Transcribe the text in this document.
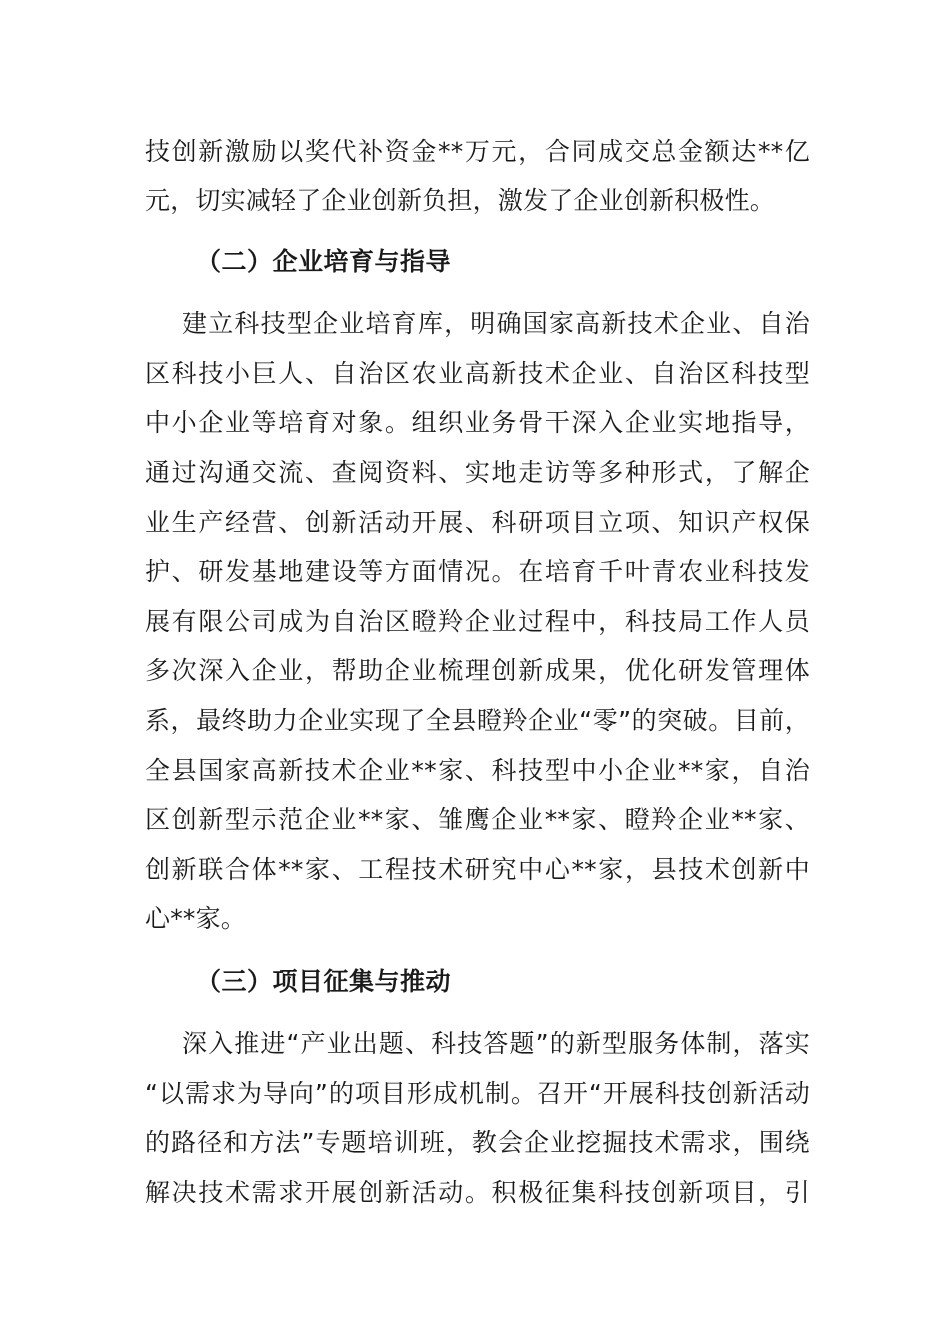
技创新激励以奖代补资金**万元，合同成交总金额达**亿
元，切实减轻了企业创新负担，激发了企业创新积极性。
（二）企业培育与指导
建立科技型企业培育库，明确国家高新技术企业、自治
区科技小巨人、自治区农业高新技术企业、自治区科技型
中小企业等培育对象。组织业务骨干深入企业实地指导，
通过沟通交流、查阅资料、实地走访等多种形式，了解企
业生产经营、创新活动开展、科研项目立项、知识产权保
护、研发基地建设等方面情况。在培育千叶青农业科技发
展有限公司成为自治区瞪羚企业过程中，科技局工作人员
多次深入企业，帮助企业梳理创新成果，优化研发管理体
系，最终助力企业实现了全县瞪羚企业“零”的突破。目前，
全县国家高新技术企业**家、科技型中小企业**家，自治
区创新型示范企业**家、雏鹰企业**家、瞪羚企业**家、
创新联合体**家、工程技术研究中心**家，县技术创新中
心**家。
（三）项目征集与推动
深入推进“产业出题、科技答题”的新型服务体制，落实
“以需求为导向”的项目形成机制。召开“开展科技创新活动
的路径和方法”专题培训班，教会企业挖掘技术需求，围绕
解决技术需求开展创新活动。积极征集科技创新项目，引
